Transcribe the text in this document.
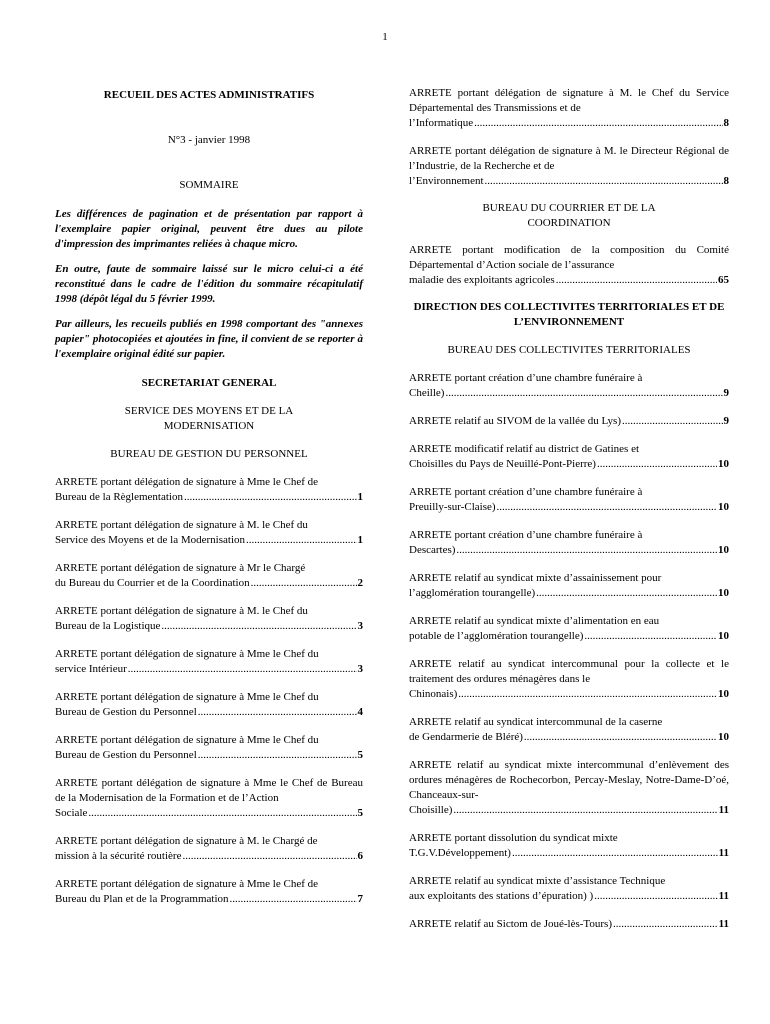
1
RECUEIL DES ACTES ADMINISTRATIFS
N°3 - janvier 1998
SOMMAIRE
Les différences de pagination et de présentation par rapport à l'exemplaire papier original, peuvent être dues au pilote d'impression des imprimantes reliées à chaque micro.
En outre, faute de sommaire laissé sur le micro celui-ci a été reconstitué dans le cadre de l'édition du sommaire récapitulatif 1998 (dépôt légal du 5 février 1999.
Par ailleurs, les recueils publiés en 1998 comportant des "annexes papier" photocopiées et ajoutées in fine, il convient de se reporter à l'exemplaire original édité sur papier.
SECRETARIAT GENERAL
SERVICE DES MOYENS ET DE LA MODERNISATION
BUREAU DE GESTION DU PERSONNEL
ARRETE portant délégation de signature à Mme le Chef de
Bureau de la Règlementation .....	1
ARRETE portant délégation de signature à M. le Chef du
Service des Moyens et de la Modernisation .....	1
ARRETE portant délégation de signature à Mr le Chargé
du Bureau du Courrier et de la Coordination .....	2
ARRETE portant délégation de signature à M. le Chef du
Bureau de la Logistique .....	3
ARRETE portant délégation de signature à Mme le Chef du
service Intérieur .....	3
ARRETE portant délégation de signature à Mme le Chef du
Bureau de Gestion du Personnel .....	4
ARRETE portant délégation de signature à Mme le Chef du
Bureau de Gestion du Personnel .....	5
ARRETE portant délégation de signature à Mme le Chef de Bureau de la Modernisation de la Formation et de l’Action
Sociale .....	5
ARRETE portant délégation de signature à M. le Chargé de
mission à la sécurité routière .....	6
ARRETE portant délégation de signature à Mme le Chef de
Bureau du Plan et de la Programmation .....	7
ARRETE portant délégation de signature à M. le Chef du Service Départemental des Transmissions et de
l’Informatique .....	8
ARRETE portant délégation de signature à M. le Directeur Régional de l’Industrie, de la Recherche et de
l’Environnement .....	8
BUREAU DU COURRIER ET DE LA COORDINATION
ARRETE portant modification de la composition du Comité Départemental d’Action sociale de l’assurance
maladie des exploitants agricoles .....	65
DIRECTION DES COLLECTIVITES TERRITORIALES ET DE L’ENVIRONNEMENT
BUREAU DES COLLECTIVITES TERRITORIALES
ARRETE portant création d’une chambre funéraire à
Cheille) .....	9
ARRETE relatif au SIVOM de la vallée du Lys) .....	9
ARRETE modificatif relatif au district de Gatines et
Choisilles du Pays de Neuillé-Pont-Pierre) .....	10
ARRETE portant création d’une chambre funéraire à
Preuilly-sur-Claise) .....	10
ARRETE portant création d’une chambre funéraire à
Descartes) .....	10
ARRETE relatif au syndicat mixte d’assainissement pour
l’agglomération tourangelle) .....	10
ARRETE relatif au syndicat mixte d’alimentation en eau
potable de l’agglomération tourangelle) .....	10
ARRETE relatif au syndicat intercommunal pour la collecte et le traitement des ordures ménagères dans le
Chinonais) .....	10
ARRETE relatif au syndicat intercommunal de la caserne
de Gendarmerie de Bléré) .....	10
ARRETE relatif au syndicat mixte intercommunal d’enlèvement des ordures ménagères de Rochecorbon, Percay-Meslay, Notre-Dame-D’oé, Chanceaux-sur-
Choisille) .....	11
ARRETE portant dissolution du syndicat mixte
T.G.V.Développement) .....	11
ARRETE relatif au syndicat mixte d’assistance Technique
aux exploitants des stations d’épuration) ) .....	11
ARRETE relatif au Sictom de Joué-lès-Tours) .....	11
